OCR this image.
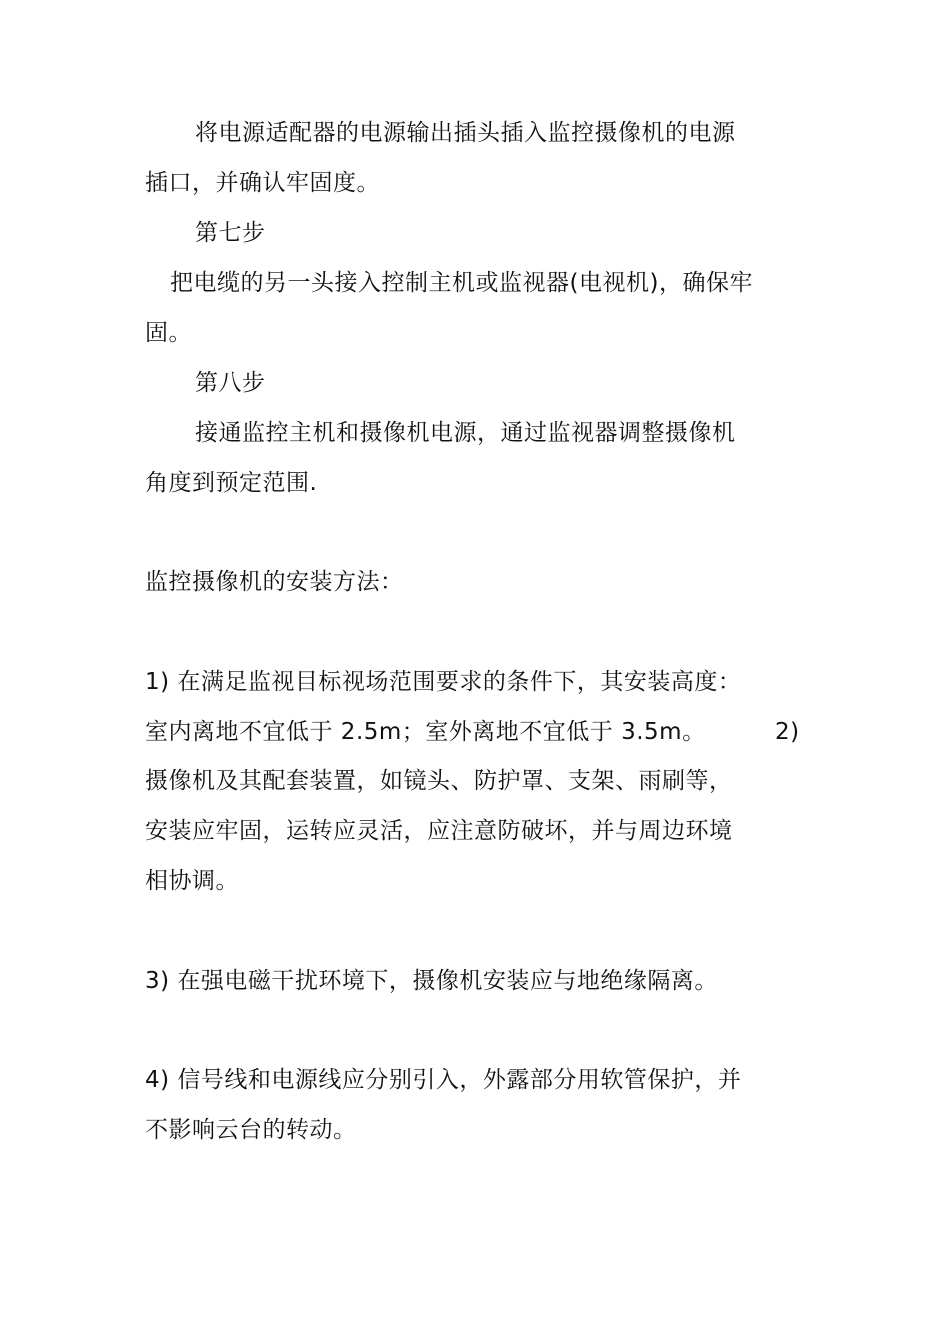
将电源适配器的电源输出插头插入监控摄像机的电源
插口，并确认牢固度。
第七步
把电缆的另一头接入控制主机或监视器(电视机)，确保牢
固。
第八步
接通监控主机和摄像机电源，通过监视器调整摄像机
角度到预定范围.
监控摄像机的安装方法：
1) 在满足监视目标视场范围要求的条件下，其安装高度：
室内离地不宜低于 2.5m；室外离地不宜低于 3.5m。	2)
摄像机及其配套装置，如镜头、防护罩、支架、雨刷等，
安装应牢固，运转应灵活，应注意防破坏，并与周边环境
相协调。
3) 在强电磁干扰环境下，摄像机安装应与地绝缘隔离。
4) 信号线和电源线应分别引入，外露部分用软管保护，并
不影响云台的转动。
